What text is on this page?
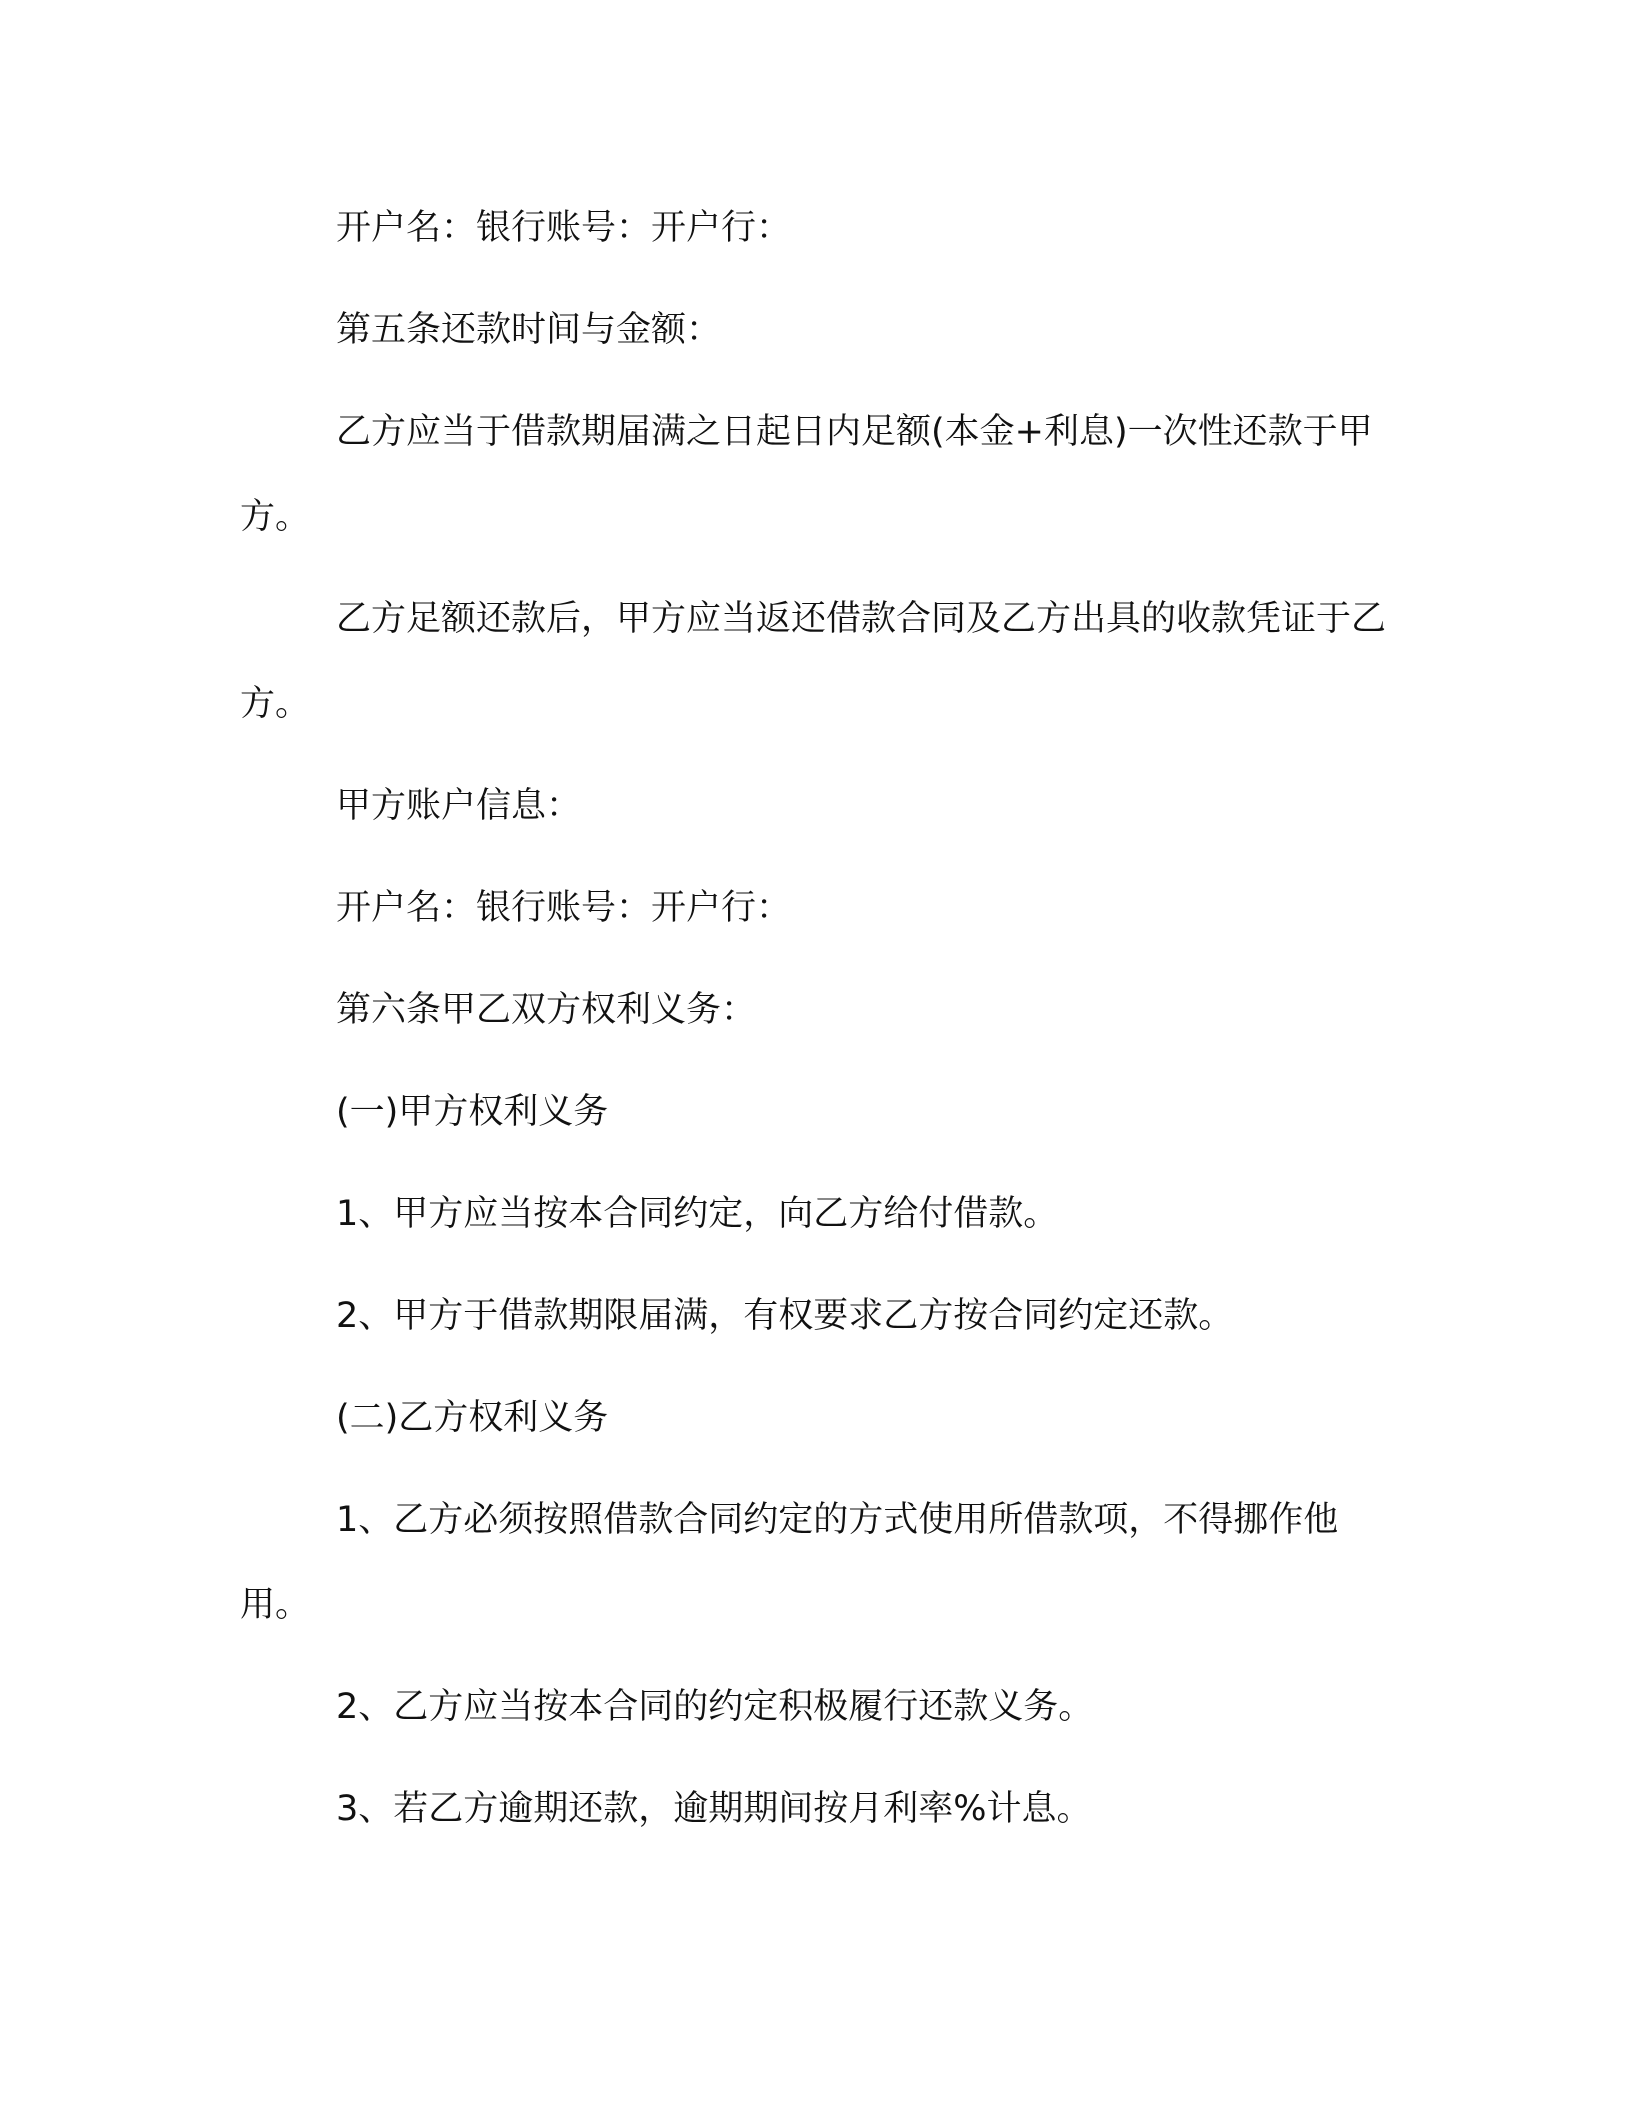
开户名：银行账号：开户行：

第五条还款时间与金额：

乙方应当于借款期届满之日起日内足额(本金+利息)一次性还款于甲方。

乙方足额还款后，甲方应当返还借款合同及乙方出具的收款凭证于乙方。

甲方账户信息：

开户名：银行账号：开户行：

第六条甲乙双方权利义务：

(一)甲方权利义务

1、甲方应当按本合同约定，向乙方给付借款。

2、甲方于借款期限届满，有权要求乙方按合同约定还款。

(二)乙方权利义务

1、乙方必须按照借款合同约定的方式使用所借款项，不得挪作他用。

2、乙方应当按本合同的约定积极履行还款义务。

3、若乙方逾期还款，逾期期间按月利率%计息。
